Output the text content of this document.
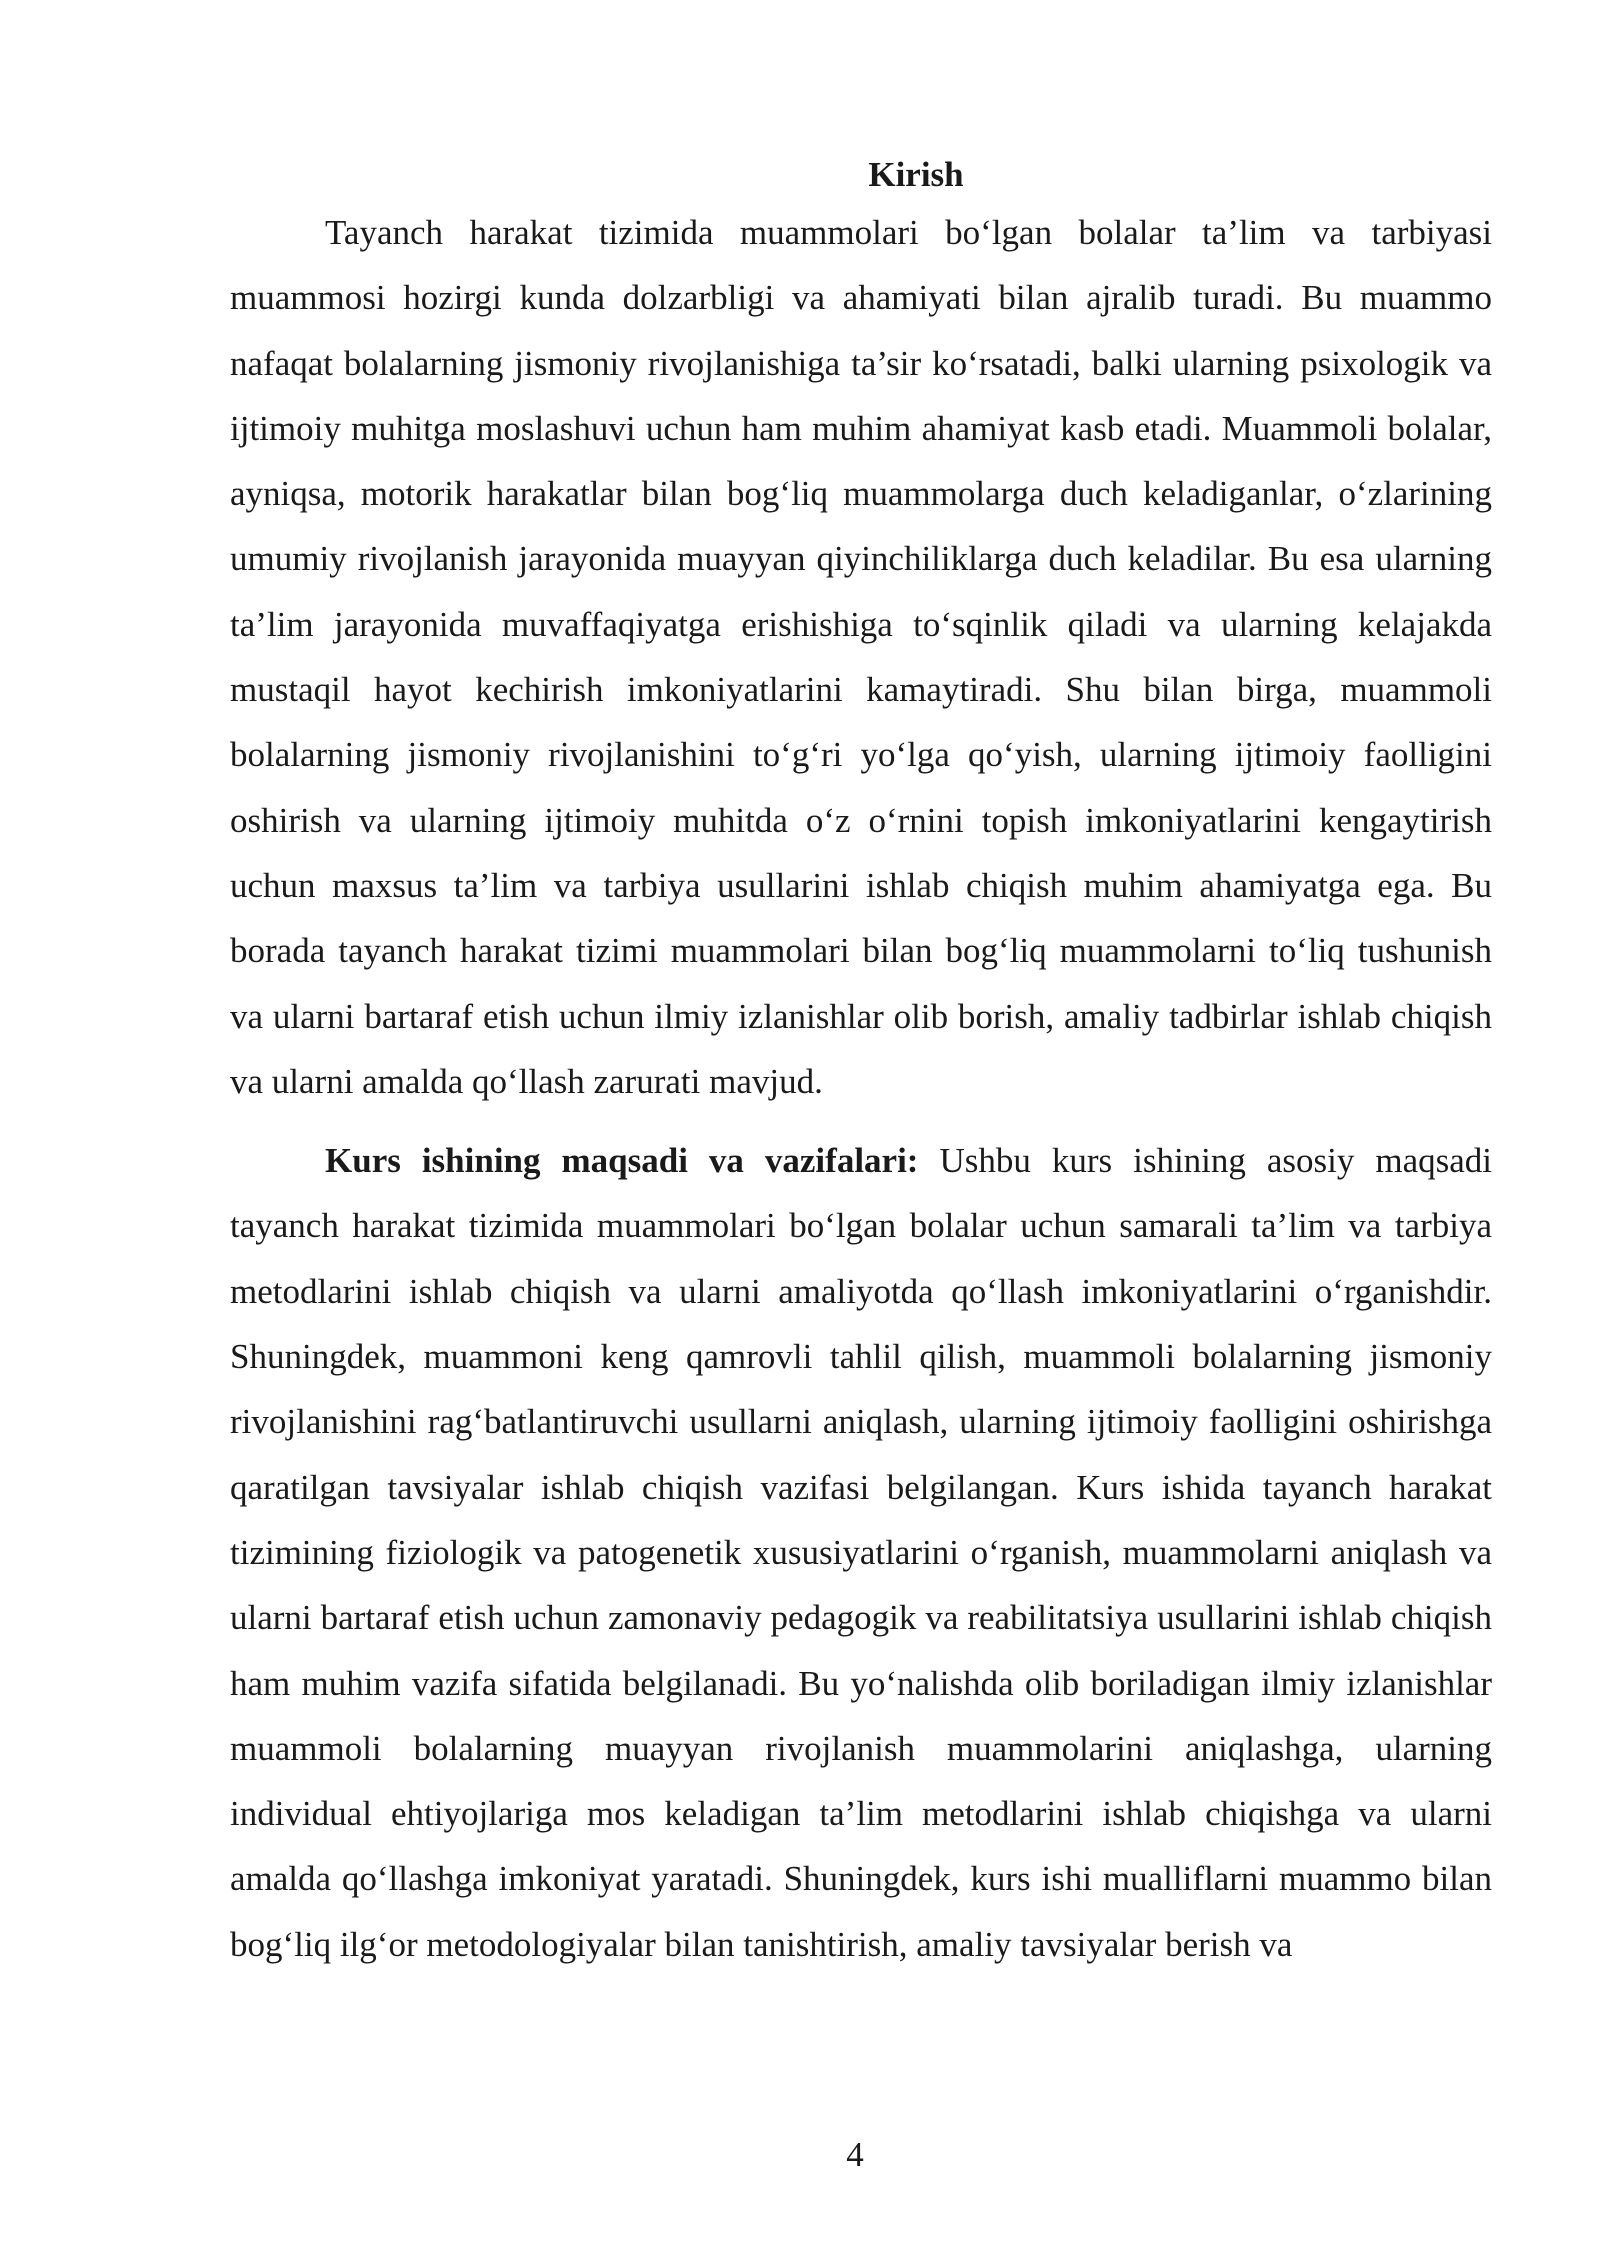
Kirish

Tayanch harakat tizimida muammolari bo‘lgan bolalar ta’lim va tarbiyasi muammosi hozirgi kunda dolzarbligi va ahamiyati bilan ajralib turadi. Bu muammo nafaqat bolalarning jismoniy rivojlanishiga ta’sir ko‘rsatadi, balki ularning psixologik va ijtimoiy muhitga moslashuvi uchun ham muhim ahamiyat kasb etadi. Muammoli bolalar, ayniqsa, motorik harakatlar bilan bog‘liq muammolarga duch keladiganlar, o‘zlarining umumiy rivojlanish jarayonida muayyan qiyinchiliklarga duch keladilar. Bu esa ularning ta’lim jarayonida muvaffaqiyatga erishishiga to‘sqinlik qiladi va ularning kelajakda mustaqil hayot kechirish imkoniyatlarini kamaytiradi. Shu bilan birga, muammoli bolalarning jismoniy rivojlanishini to‘g‘ri yo‘lga qo‘yish, ularning ijtimoiy faolligini oshirish va ularning ijtimoiy muhitda o‘z o‘rnini topish imkoniyatlarini kengaytirish uchun maxsus ta’lim va tarbiya usullarini ishlab chiqish muhim ahamiyatga ega. Bu borada tayanch harakat tizimi muammolari bilan bog‘liq muammolarni to‘liq tushunish va ularni bartaraf etish uchun ilmiy izlanishlar olib borish, amaliy tadbirlar ishlab chiqish va ularni amalda qo‘llash zarurati mavjud.

Kurs ishining maqsadi va vazifalari: Ushbu kurs ishining asosiy maqsadi tayanch harakat tizimida muammolari bo‘lgan bolalar uchun samarali ta’lim va tarbiya metodlarini ishlab chiqish va ularni amaliyotda qo‘llash imkoniyatlarini o‘rganishdir. Shuningdek, muammoni keng qamrovli tahlil qilish, muammoli bolalarning jismoniy rivojlanishini rag‘batlantiruvchi usullarni aniqlash, ularning ijtimoiy faolligini oshirishga qaratilgan tavsiyalar ishlab chiqish vazifasi belgilangan. Kurs ishida tayanch harakat tizimining fiziologik va patogenetik xususiyatlarini o‘rganish, muammolarni aniqlash va ularni bartaraf etish uchun zamonaviy pedagogik va reabilitatsiya usullarini ishlab chiqish ham muhim vazifa sifatida belgilanadi. Bu yo‘nalishda olib boriladigan ilmiy izlanishlar muammoli bolalarning muayyan rivojlanish muammolarini aniqlashga, ularning individual ehtiyojlariga mos keladigan ta’lim metodlarini ishlab chiqishga va ularni amalda qo‘llashga imkoniyat yaratadi. Shuningdek, kurs ishi mualliflarni muammo bilan bog‘liq ilg‘or metodologiyalar bilan tanishtirish, amaliy tavsiyalar berish va

4
